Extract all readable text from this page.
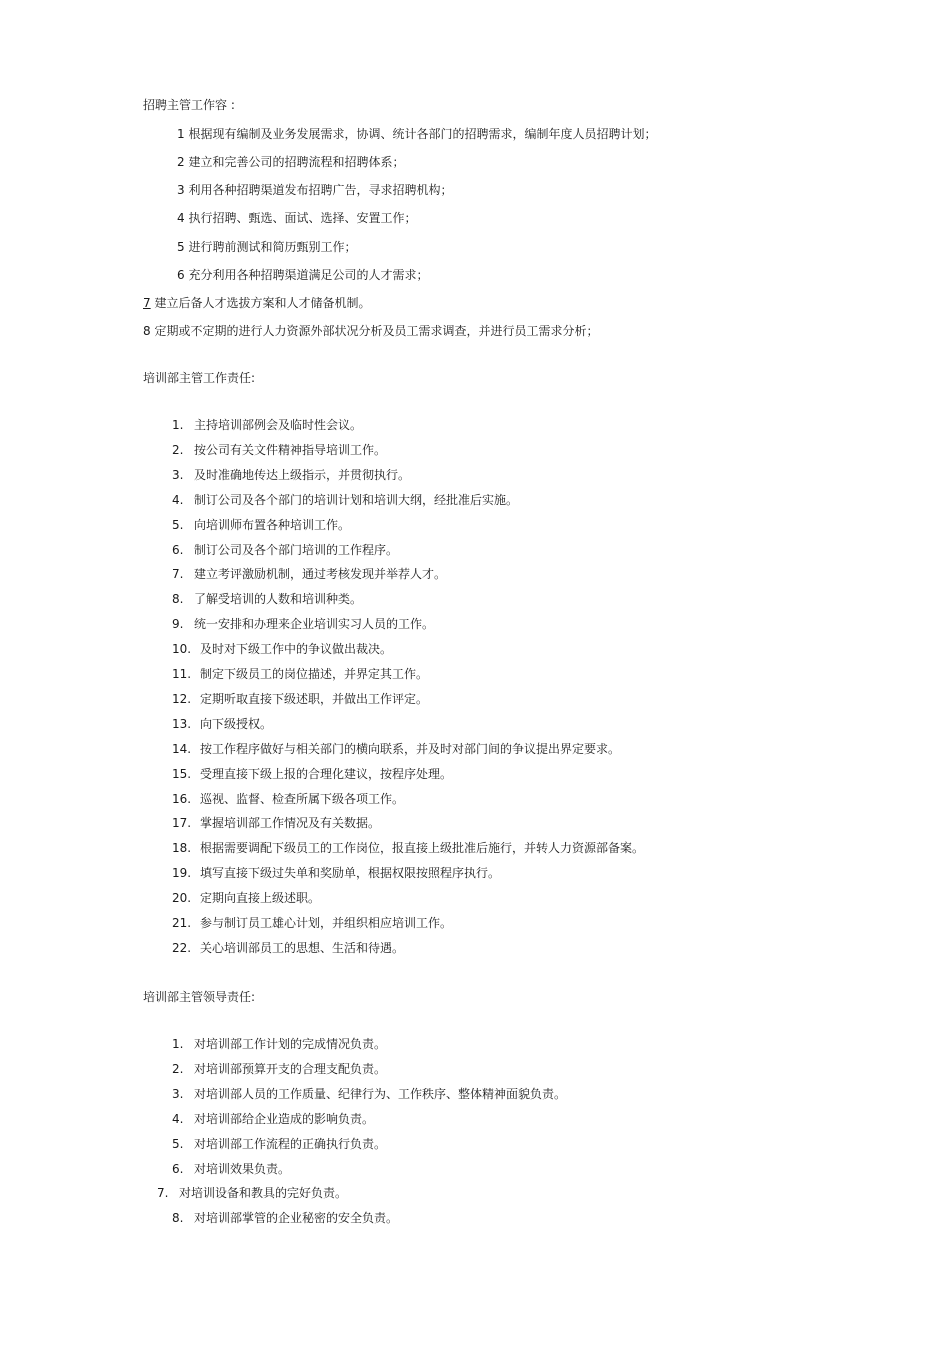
招聘主管工作容 :
1 根据现有编制及业务发展需求，协调、统计各部门的招聘需求，编制年度人员招聘计划；
2 建立和完善公司的招聘流程和招聘体系；
3 利用各种招聘渠道发布招聘广告，寻求招聘机构；
4 执行招聘、甄选、面试、选择、安置工作；
5 进行聘前测试和简历甄别工作；
6 充分利用各种招聘渠道满足公司的人才需求；
7 建立后备人才选拔方案和人才储备机制。
8 定期或不定期的进行人力资源外部状况分析及员工需求调查，并进行员工需求分析；
培训部主管工作责任:
1. 主持培训部例会及临时性会议。
2. 按公司有关文件精神指导培训工作。
3. 及时准确地传达上级指示，并贯彻执行。
4. 制订公司及各个部门的培训计划和培训大纲，经批准后实施。
5. 向培训师布置各种培训工作。
6. 制订公司及各个部门培训的工作程序。
7. 建立考评激励机制，通过考核发现并举荐人才。
8. 了解受培训的人数和培训种类。
9. 统一安排和办理来企业培训实习人员的工作。
10. 及时对下级工作中的争议做出裁决。
11. 制定下级员工的岗位描述，并界定其工作。
12. 定期听取直接下级述职，并做出工作评定。
13. 向下级授权。
14. 按工作程序做好与相关部门的横向联系，并及时对部门间的争议提出界定要求。
15. 受理直接下级上报的合理化建议，按程序处理。
16. 巡视、监督、检查所属下级各项工作。
17. 掌握培训部工作情况及有关数据。
18. 根据需要调配下级员工的工作岗位，报直接上级批准后施行，并转人力资源部备案。
19. 填写直接下级过失单和奖励单，根据权限按照程序执行。
20. 定期向直接上级述职。
21. 参与制订员工雄心计划，并组织相应培训工作。
22. 关心培训部员工的思想、生活和待遇。
培训部主管领导责任:
1. 对培训部工作计划的完成情况负责。
2. 对培训部预算开支的合理支配负责。
3. 对培训部人员的工作质量、纪律行为、工作秩序、整体精神面貌负责。
4. 对培训部给企业造成的影响负责。
5. 对培训部工作流程的正确执行负责。
6. 对培训效果负责。
7. 对培训设备和教具的完好负责。
8. 对培训部掌管的企业秘密的安全负责。
